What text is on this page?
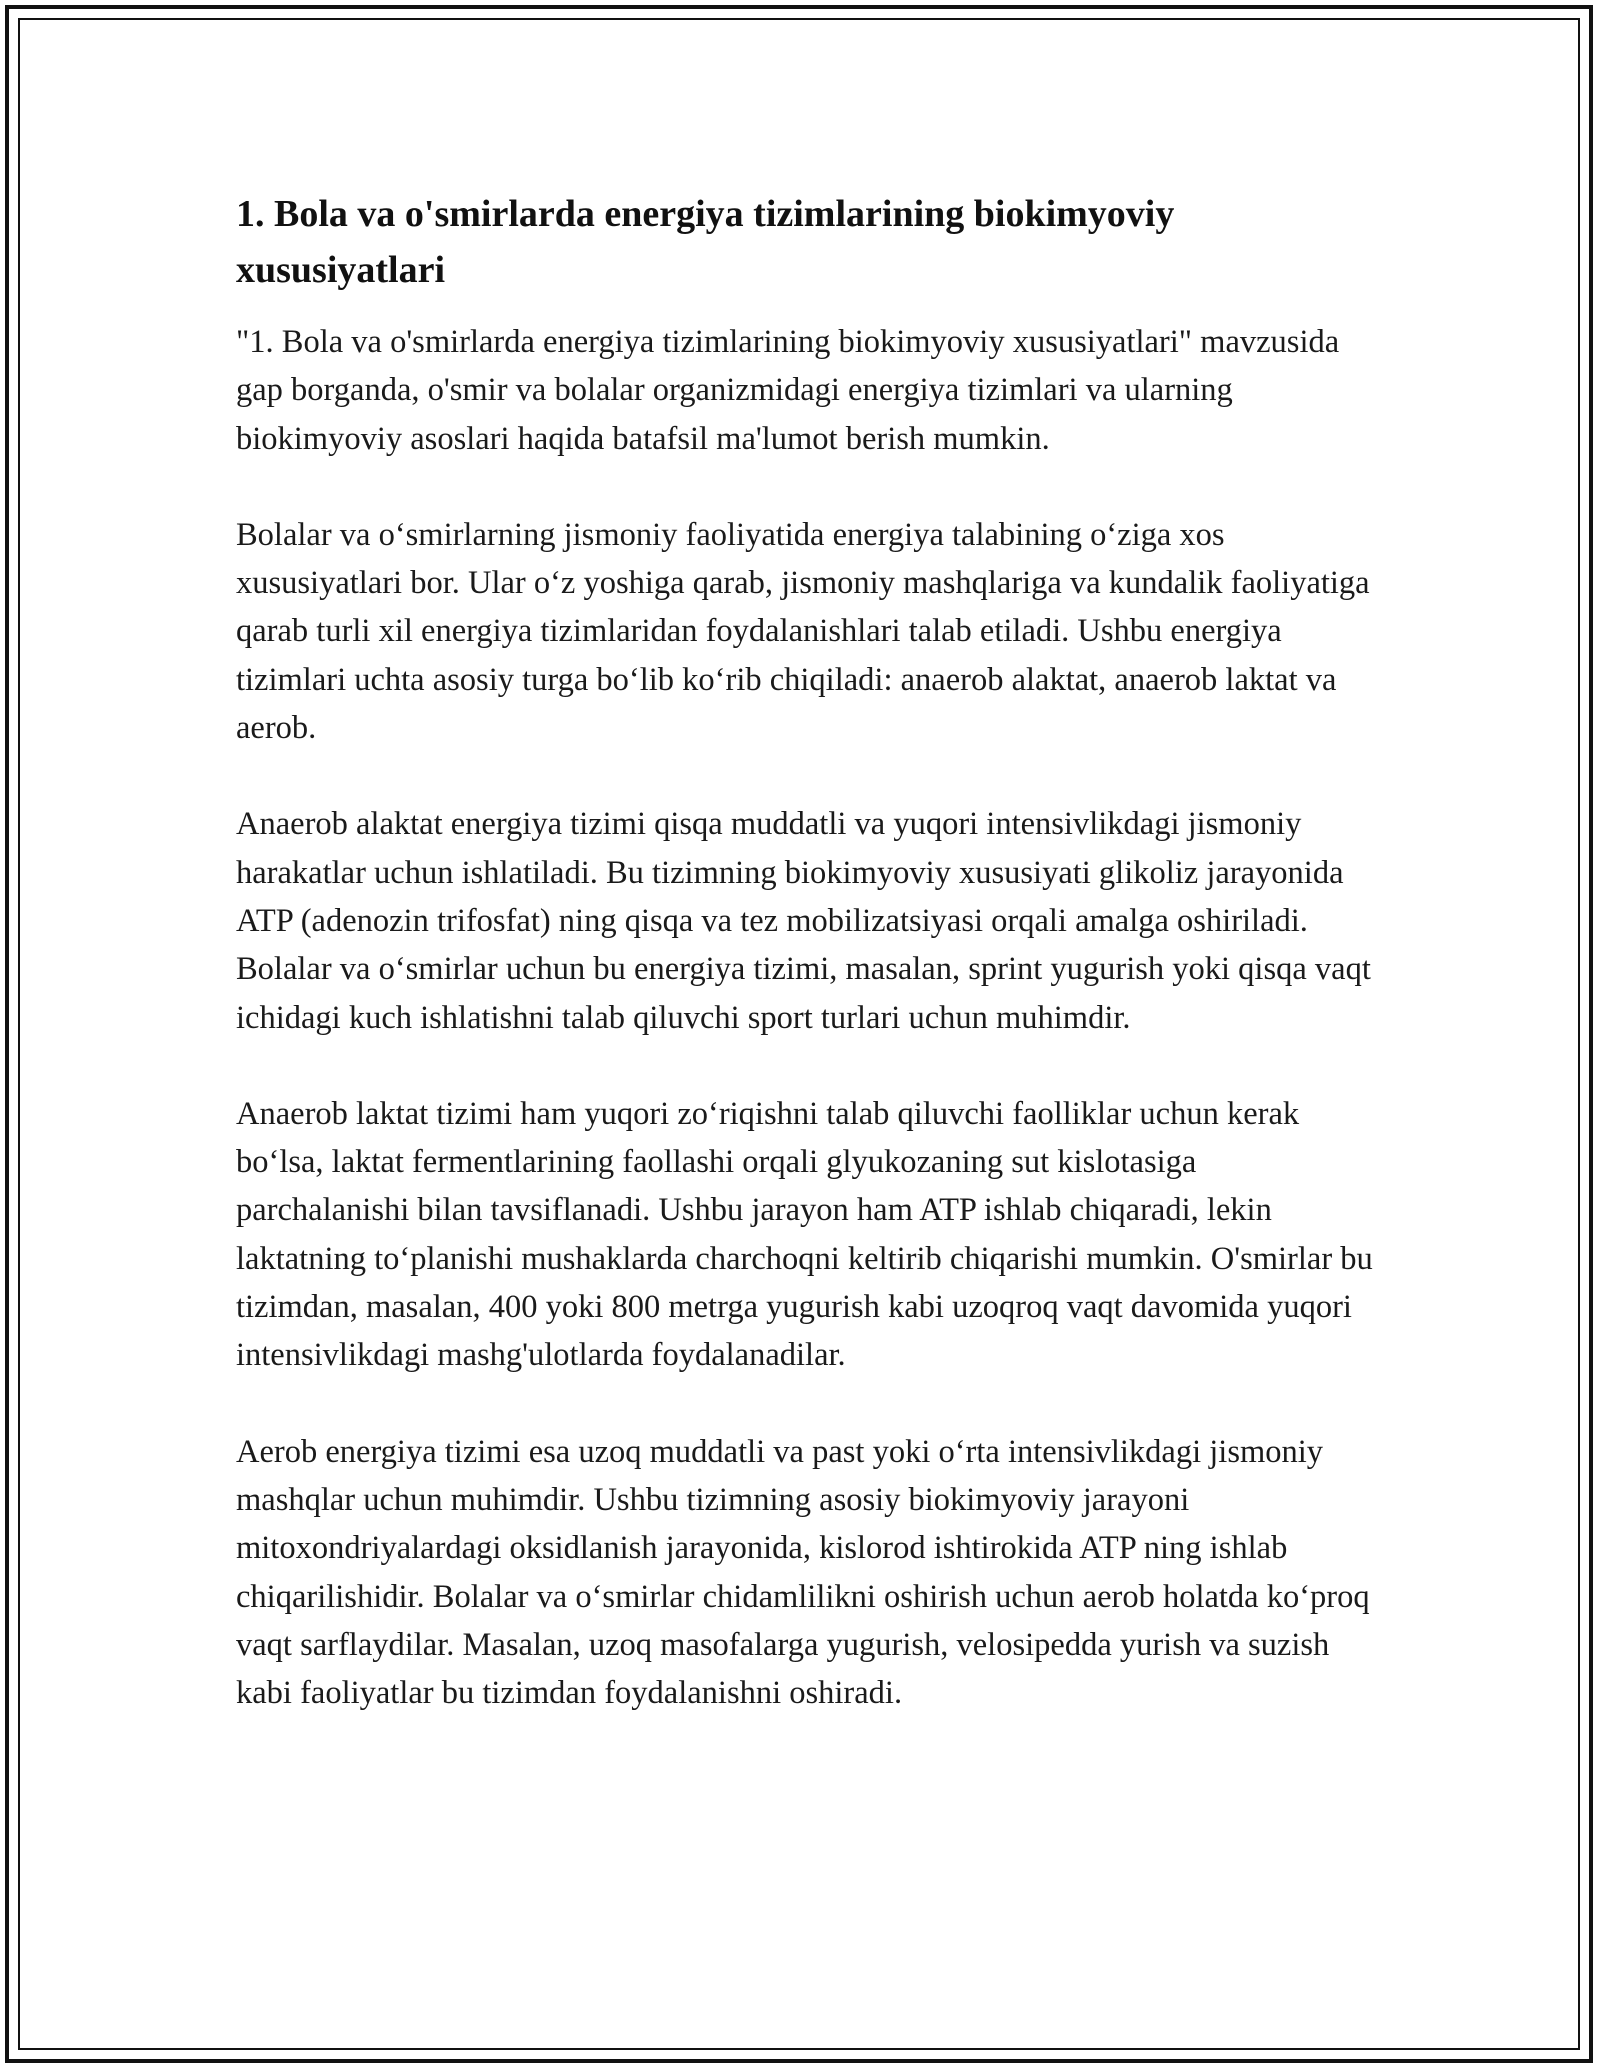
1. Bola va o'smirlarda energiya tizimlarining biokimyoviy xususiyatlari

"1. Bola va o'smirlarda energiya tizimlarining biokimyoviy xususiyatlari" mavzusida gap borganda, o'smir va bolalar organizmidagi energiya tizimlari va ularning biokimyoviy asoslari haqida batafsil ma'lumot berish mumkin.

Bolalar va o‘smirlarning jismoniy faoliyatida energiya talabining o‘ziga xos xususiyatlari bor. Ular o‘z yoshiga qarab, jismoniy mashqlariga va kundalik faoliyatiga qarab turli xil energiya tizimlaridan foydalanishlari talab etiladi. Ushbu energiya tizimlari uchta asosiy turga bo‘lib ko‘rib chiqiladi: anaerob alaktat, anaerob laktat va aerob.

Anaerob alaktat energiya tizimi qisqa muddatli va yuqori intensivlikdagi jismoniy harakatlar uchun ishlatiladi. Bu tizimning biokimyoviy xususiyati glikoliz jarayonida ATP (adenozin trifosfat) ning qisqa va tez mobilizatsiyasi orqali amalga oshiriladi. Bolalar va o‘smirlar uchun bu energiya tizimi, masalan, sprint yugurish yoki qisqa vaqt ichidagi kuch ishlatishni talab qiluvchi sport turlari uchun muhimdir.

Anaerob laktat tizimi ham yuqori zo‘riqishni talab qiluvchi faolliklar uchun kerak bo‘lsa, laktat fermentlarining faollashi orqali glyukozaning sut kislotasiga parchalanishi bilan tavsiflanadi. Ushbu jarayon ham ATP ishlab chiqaradi, lekin laktatning to‘planishi mushaklarda charchoqni keltirib chiqarishi mumkin. O'smirlar bu tizimdan, masalan, 400 yoki 800 metrga yugurish kabi uzoqroq vaqt davomida yuqori intensivlikdagi mashg'ulotlarda foydalanadilar.

Aerob energiya tizimi esa uzoq muddatli va past yoki o‘rta intensivlikdagi jismoniy mashqlar uchun muhimdir. Ushbu tizimning asosiy biokimyoviy jarayoni mitoxondriyalardagi oksidlanish jarayonida, kislorod ishtirokida ATP ning ishlab chiqarilishidir. Bolalar va o‘smirlar chidamlilikni oshirish uchun aerob holatda ko‘proq vaqt sarflaydilar. Masalan, uzoq masofalarga yugurish, velosipedda yurish va suzish kabi faoliyatlar bu tizimdan foydalanishni oshiradi.
